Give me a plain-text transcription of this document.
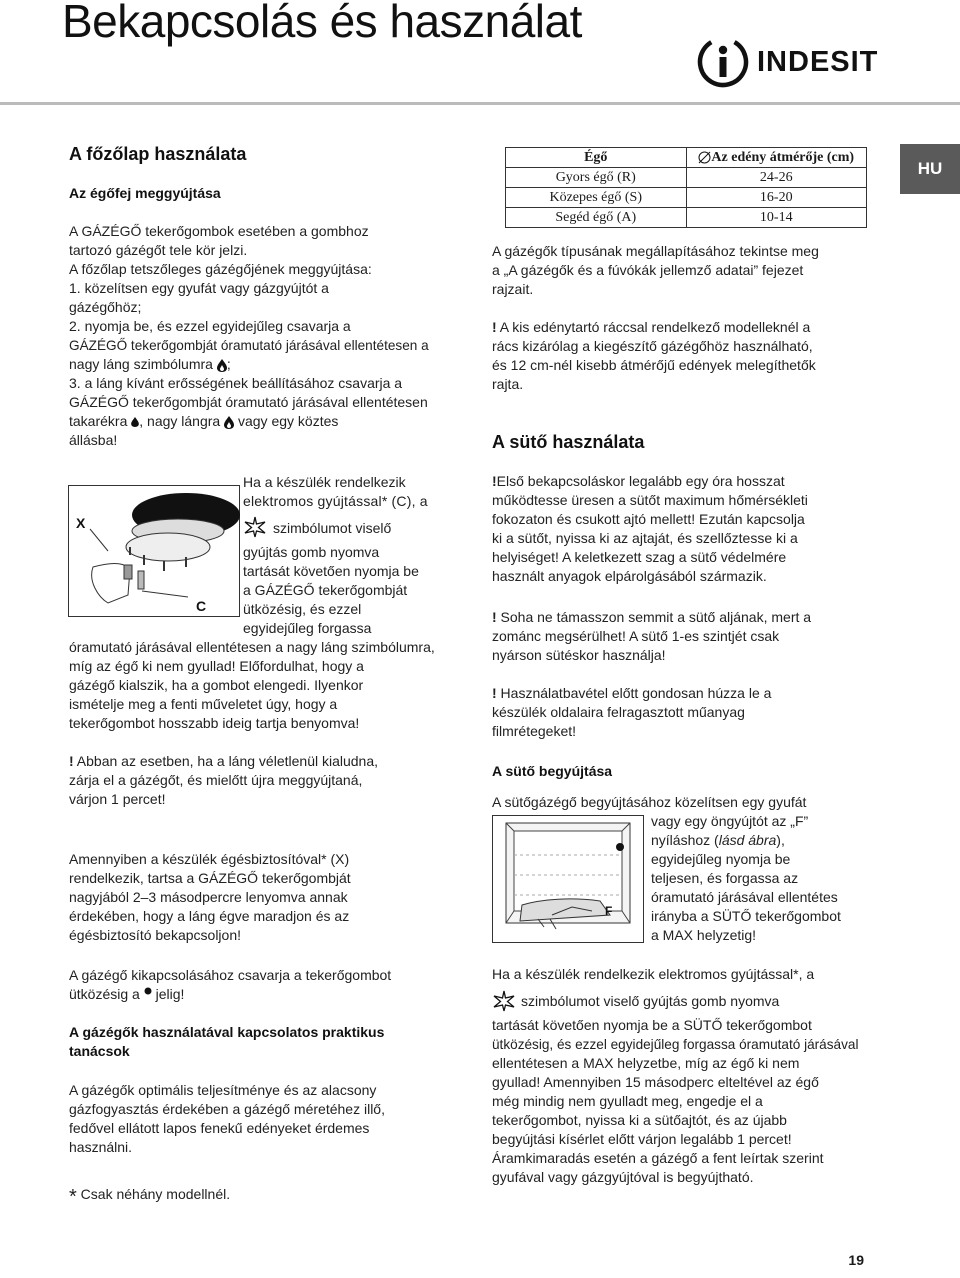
Bekapcsolás és használat
INDESIT
HU
A főzőlap használata
Az égőfej meggyújtása
A GÁZÉGŐ tekerőgombok esetében a gombhoz
tartozó gázégőt tele kör jelzi.
A főzőlap tetszőleges gázégőjének meggyújtása:
1. közelítsen egy gyufát vagy gázgyújtót a
gázégőhöz;
2. nyomja be, és ezzel egyidejűleg csavarja a
GÁZÉGŐ tekerőgombját óramutató járásával ellentétesen a
nagy láng szimbólumra ;
3. a láng kívánt erősségének beállításához csavarja a
GÁZÉGŐ tekerőgombját óramutató járásával ellentétesen
takarékra , nagy lángra vagy egy köztes
állásba!
X
C
Ha a készülék rendelkezik
elektromos gyújtással* (C), a
szimbólumot viselő
gyújtás gomb nyomva
tartását követően nyomja be
a GÁZÉGŐ tekerőgombját
ütközésig, és ezzel
egyidejűleg forgassa
óramutató járásával ellentétesen a nagy láng szimbólumra,
míg az égő ki nem gyullad! Előfordulhat, hogy a
gázégő kialszik, ha a gombot elengedi. Ilyenkor
ismételje meg a fenti műveletet úgy, hogy a
tekerőgombot hosszabb ideig tartja benyomva!
! Abban az esetben, ha a láng véletlenül kialudna,
zárja el a gázégőt, és mielőtt újra meggyújtaná,
várjon 1 percet!
Amennyiben a készülék égésbiztosítóval* (X)
rendelkezik, tartsa a GÁZÉGŐ tekerőgombját
nagyjából 2–3 másodpercre lenyomva annak
érdekében, hogy a láng égve maradjon és az
égésbiztosító bekapcsoljon!
A gázégő kikapcsolásához csavarja a tekerőgombot
ütközésig a jelig!
A gázégők használatával kapcsolatos praktikus
tanácsok
A gázégők optimális teljesítménye és az alacsony
gázfogyasztás érdekében a gázégő méretéhez illő,
fedővel ellátott lapos fenekű edényeket érdemes
használni.
* Csak néhány modellnél.
Égő	Az edény átmérője (cm)
Gyors égő (R)	24-26
Közepes égő (S)	16-20
Segéd égő (A)	10-14
A gázégők típusának megállapításához tekintse meg
a „A gázégők és a fúvókák jellemző adatai” fejezet
rajzait.
! A kis edénytartó ráccsal rendelkező modelleknél a
rács kizárólag a kiegészítő gázégőhöz használható,
és 12 cm-nél kisebb átmérőjű edények melegíthetők
rajta.
A sütő használata
!Első bekapcsoláskor legalább egy óra hosszat
működtesse üresen a sütőt maximum hőmérsékleti
fokozaton és csukott ajtó mellett! Ezután kapcsolja
ki a sütőt, nyissa ki az ajtaját, és szellőztesse ki a
helyiséget! A keletkezett szag a sütő védelmére
használt anyagok elpárolgásából származik.
! Soha ne támasszon semmit a sütő aljának, mert a
zománc megsérülhet! A sütő 1-es szintjét csak
nyárson sütéskor használja!
! Használatbavétel előtt gondosan húzza le a
készülék oldalaira felragasztott műanyag
filmrétegeket!
A sütő begyújtása
A sütőgázégő begyújtásához közelítsen egy gyufát
F
vagy egy öngyújtót az „F”
nyíláshoz (lásd ábra),
egyidejűleg nyomja be
teljesen, és forgassa az
óramutató járásával ellentétes
irányba a SÜTŐ tekerőgombot
a MAX helyzetig!
Ha a készülék rendelkezik elektromos gyújtással*, a
szimbólumot viselő gyújtás gomb nyomva
tartását követően nyomja be a SÜTŐ tekerőgombot
ütközésig, és ezzel egyidejűleg forgassa óramutató járásával
ellentétesen a MAX helyzetbe, míg az égő ki nem
gyullad! Amennyiben 15 másodperc elteltével az égő
még mindig nem gyulladt meg, engedje el a
tekerőgombot, nyissa ki a sütőajtót, és az újabb
begyújtási kísérlet előtt várjon legalább 1 percet!
Áramkimaradás esetén a gázégő a fent leírtak szerint
gyufával vagy gázgyújtóval is begyújtható.
19
